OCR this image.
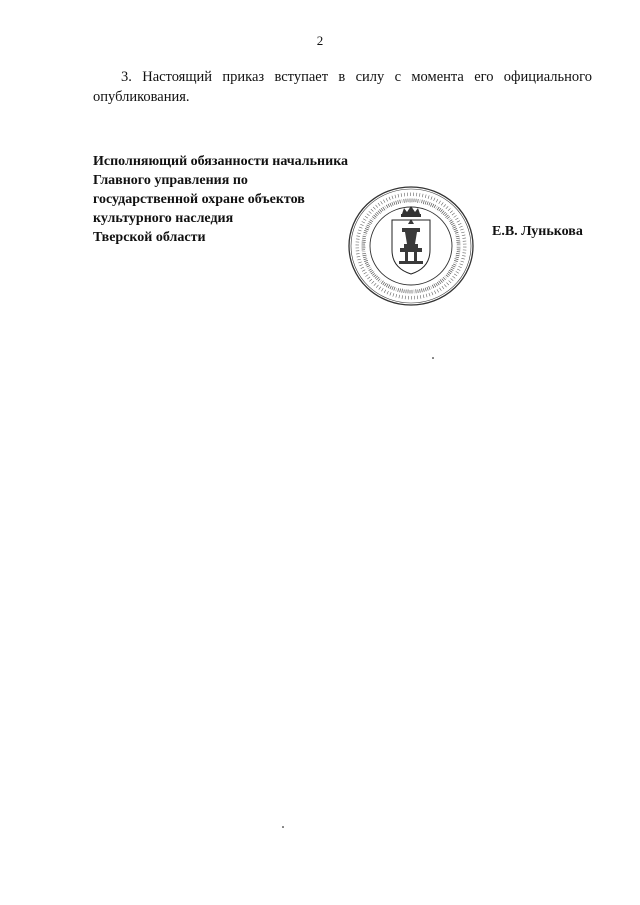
2
3. Настоящий приказ вступает в силу с момента его официального
опубликования.
Исполняющий обязанности начальника
Главного управления по
государственной охране объектов
культурного наследия
Тверской области	Е.В. Лунькова
